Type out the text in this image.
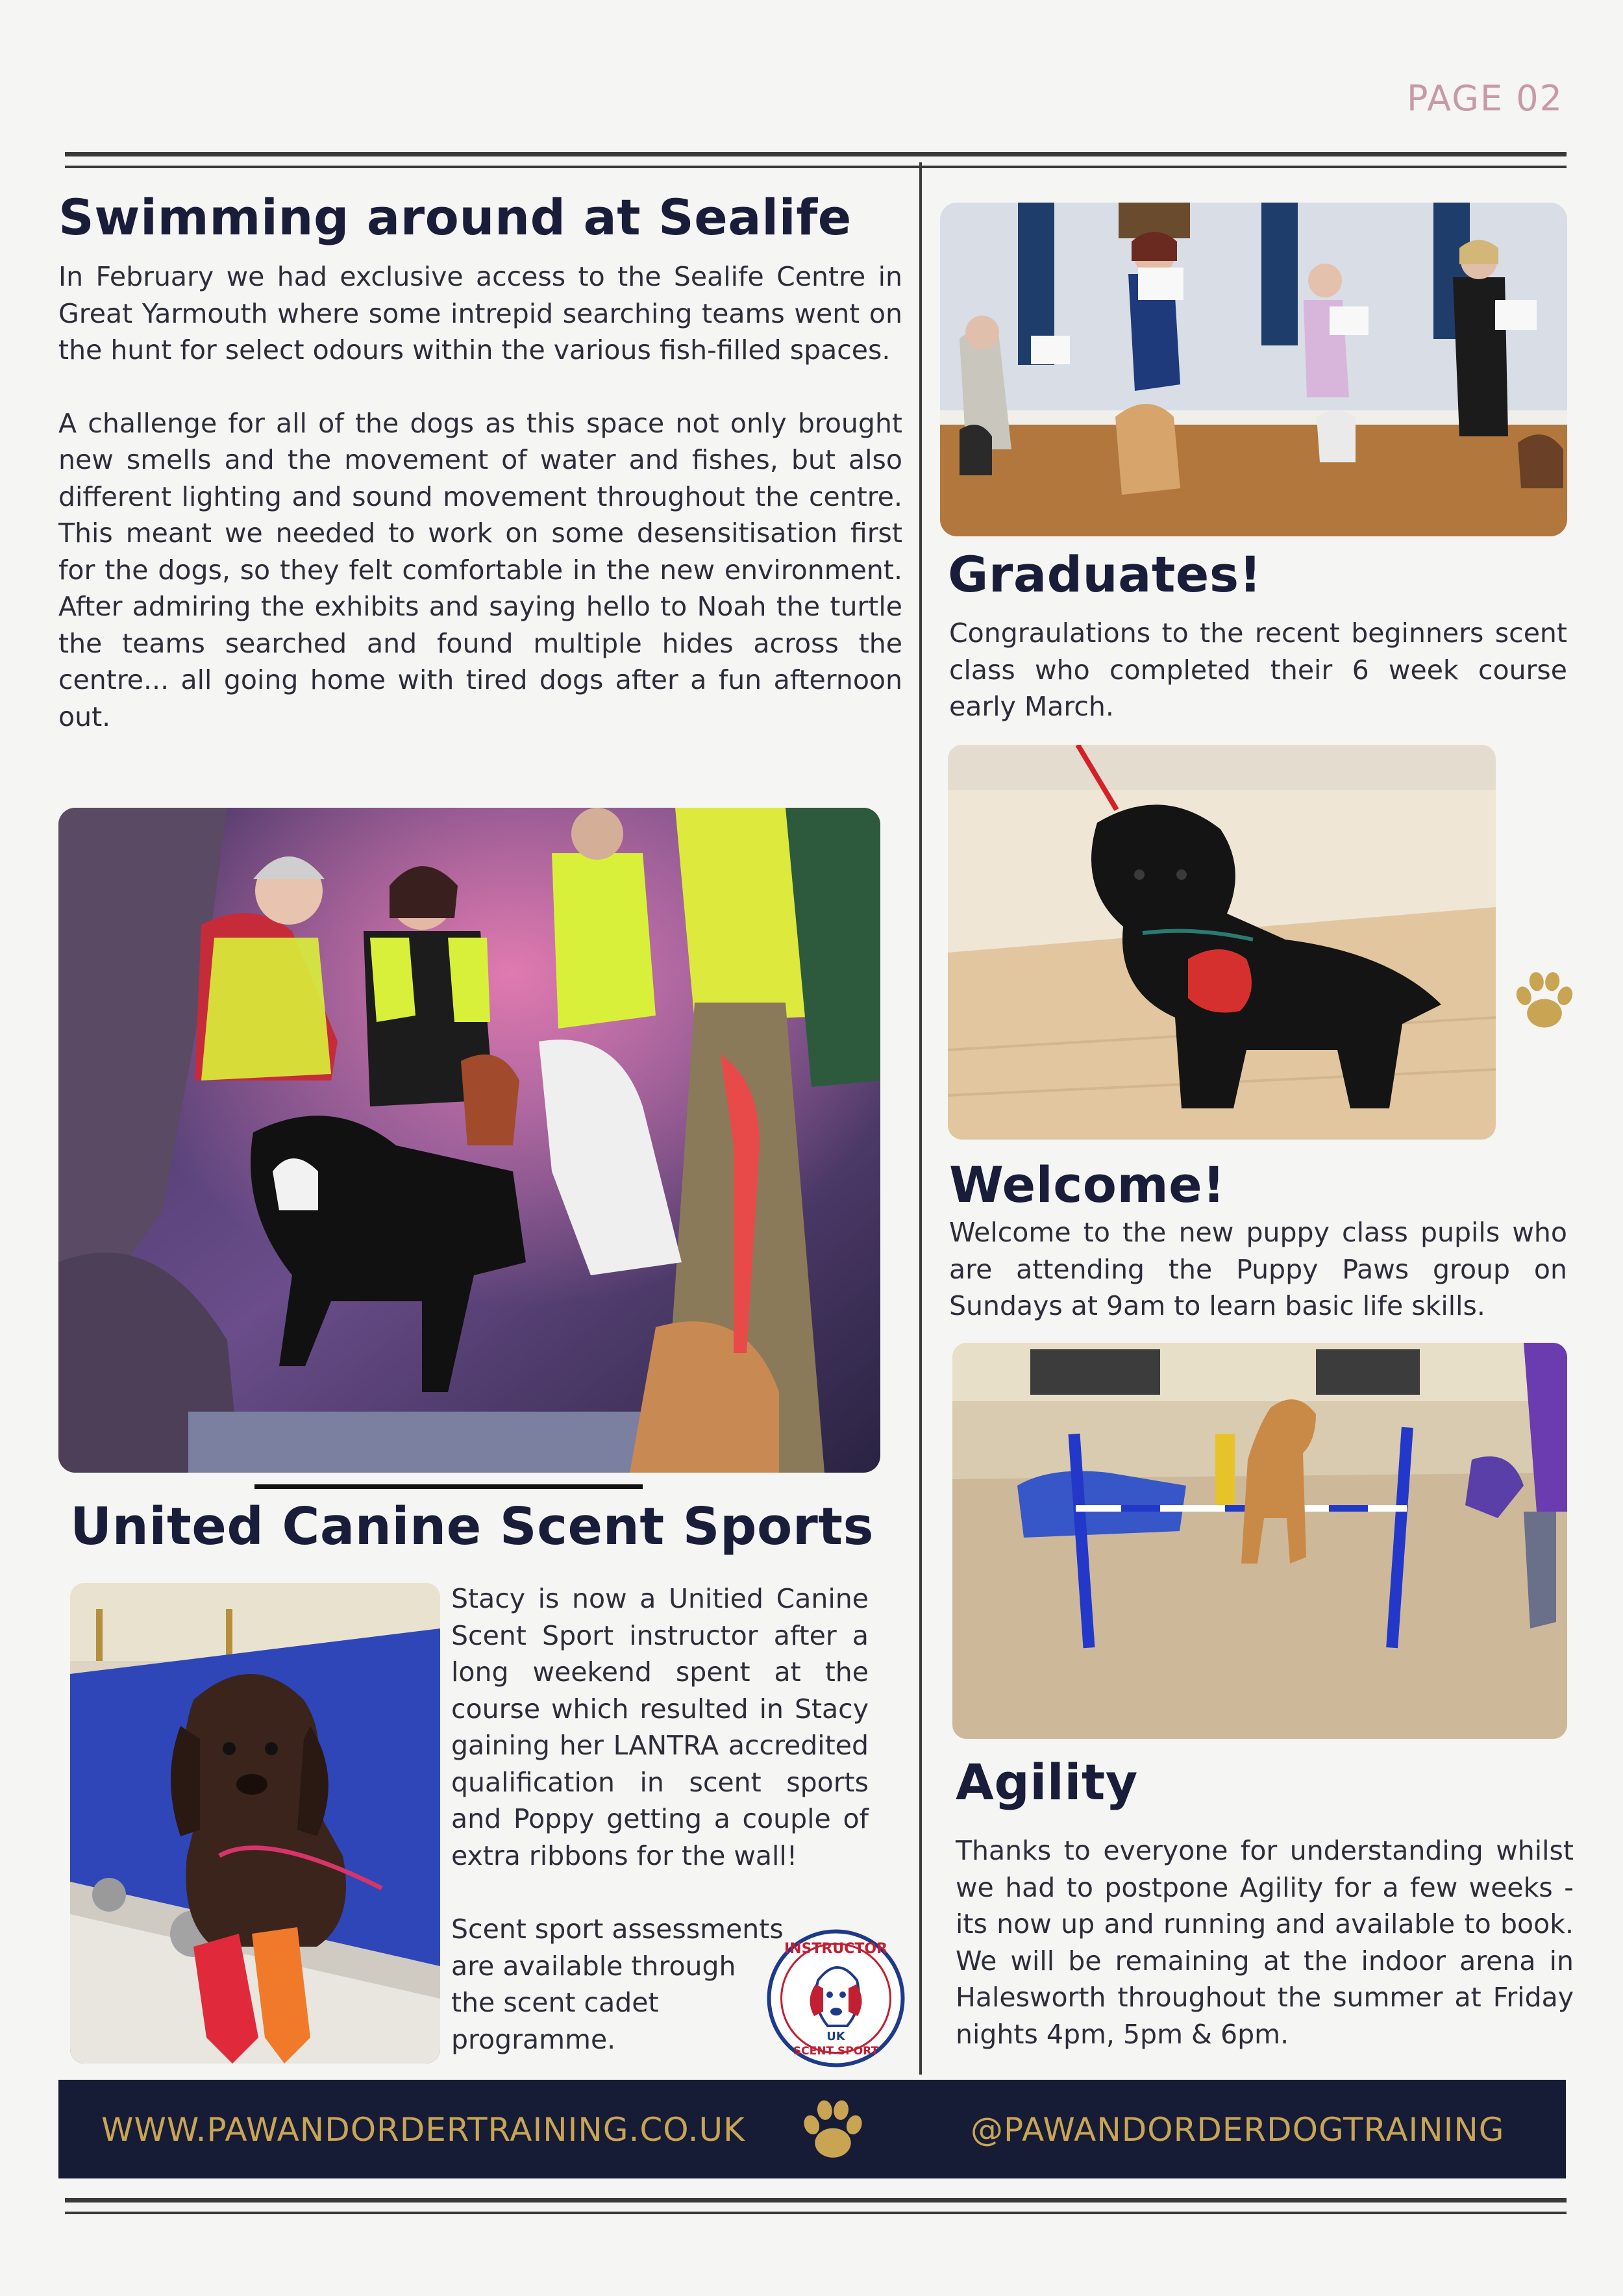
PAGE 02
Swimming around at Sealife

In February we had exclusive access to the Sealife Centre in Great Yarmouth where some intrepid searching teams went on the hunt for select odours within the various fish-filled spaces.

A challenge for all of the dogs as this space not only brought new smells and the movement of water and fishes, but also different lighting and sound movement throughout the centre. This meant we needed to work on some desensitisation first for the dogs, so they felt comfortable in the new environment. After admiring the exhibits and saying hello to Noah the turtle the teams searched and found multiple hides across the centre... all going home with tired dogs after a fun afternoon out.

United Canine Scent Sports
Stacy is now a Unitied Canine Scent Sport instructor after a long weekend spent at the course which resulted in Stacy gaining her LANTRA accredited qualification in scent sports and Poppy getting a couple of extra ribbons for the wall!
Scent sport assessments
are available through
the scent cadet
programme.
INSTRUCTOR
UK
SCENT SPORT
Graduates!
Congraulations to the recent beginners scent class who completed their 6 week course early March.
Welcome!
Welcome to the new puppy class pupils who are attending the Puppy Paws group on Sundays at 9am to learn basic life skills.
Agility
Thanks to everyone for understanding whilst we had to postpone Agility for a few weeks - its now up and running and available to book. We will be remaining at the indoor arena in Halesworth throughout the summer at Friday nights 4pm, 5pm & 6pm.
WWW.PAWANDORDERTRAINING.CO.UK	@PAWANDORDERDOGTRAINING
